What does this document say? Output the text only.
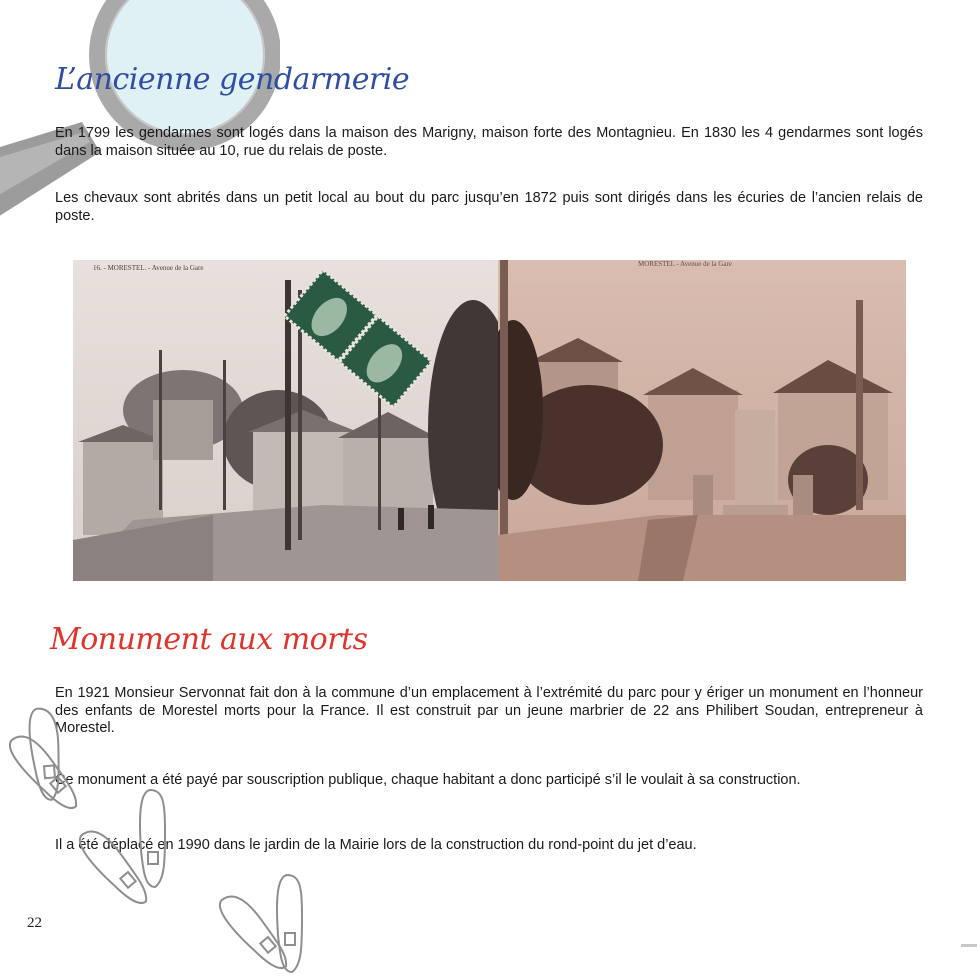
L’ancienne gendarmerie

En 1799 les gendarmes sont logés dans la maison des Marigny, maison forte des Montagnieu. En 1830 les 4 gendarmes sont logés dans la maison située au 10, rue du relais de poste.

Les chevaux sont abrités dans un petit local au bout du parc jusqu’en 1872 puis sont dirigés dans les écuries de l’ancien relais de poste.

16. - MORESTEL. - Avenue de la Gare	MORESTEL - Avenue de la Gare
Monument aux morts

En 1921 Monsieur Servonnat fait don à la commune d’un emplacement à l’extrémité du parc pour y ériger un monument en l’honneur des enfants de Morestel morts pour la France. Il est construit par un jeune marbrier de 22 ans Philibert Soudan, entrepreneur à Morestel.

Ce monument a été payé par souscription publique, chaque habitant a donc participé s’il le voulait à sa construction.

Il a été déplacé en 1990 dans le jardin de la Mairie lors de la construction du rond-point du jet d’eau.

22
